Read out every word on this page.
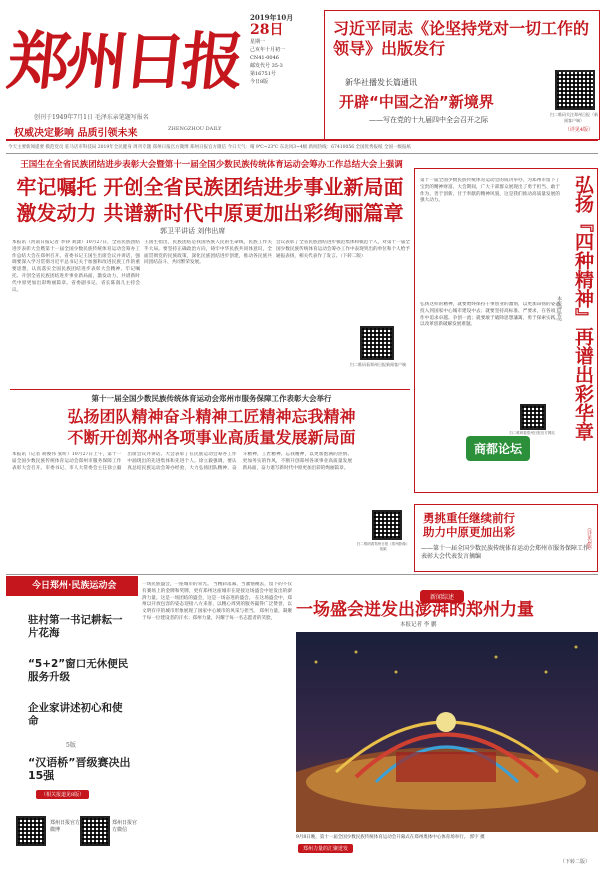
郑州日报
创刊于1949年7月1日 毛泽东亲笔题写报名
权威决定影响 品质引领未来	ZHENGZHOU DAILY
2019年10月
28日
星期一
己亥年十月初一
CN41-0046
邮发代号 35-3
第16751号
今日8版
习近平同志《论坚持党对一切工作的领导》出版发行
新华社播发长篇通讯
开辟“中国之治”新境界
——写在党的十九届四中全会召开之际
（详见4版）
扫二维码关注郑州日报（新闻客户端）
今天主要新闻提要 模范党员 驻马店市科技局 2019年全民健身 周刊专题 郑州日报官方微博 郑州日报官方微信 今日天气：晴 9℃~23℃ 东北风3~4级 新闻热线：67410056 全国优秀报纸 全国一级报纸
王国生在全省民族团结进步表彰大会暨第十一届全国少数民族传统体育运动会筹办工作总结大会上强调
牢记嘱托 开创全省民族团结进步事业新局面
激发动力 共谱新时代中原更加出彩绚丽篇章
郭卫平讲话 刘伟出席
本报讯（河南日报记者 李铮 刘潇）10月27日，全省民族团结进步表彰大会暨第十一届全国少数民族传统体育运动会筹办工作总结大会在郑州召开。省委书记王国生出席会议并讲话，强调要深入学习贯彻习近平总书记关于加强和改进民族工作的重要思想，认真落实全国民族团结进步表彰大会精神，牢记嘱托、开创全省民族团结进步事业新局面，激发动力、共谱新时代中原更加出彩绚丽篇章。省委副书记、省长陈润儿主持会议。
王国生指出，民族团结是我国各族人民的生命线，民族工作关乎大局。要坚持正确政治方向，铸牢中华民族共同体意识，全面贯彻党的民族政策，深化民族团结进步创建，推动各民族共同团结奋斗、共同繁荣发展。
会议表彰了全省民族团结进步模范集体和模范个人，对第十一届全国少数民族传统体育运动会筹办工作中表现突出的单位和个人给予通报表扬，相关代表作了发言。（下转二版）
扫二维码看郑州日报新闻客户端	弘扬『四种精神』再谱出彩华章
本报评论员
第十一届全国少数民族传统体育运动会的成功举办，为郑州市留下了宝贵的精神财富。大会期间，广大干部群众展现出了勇于担当、敢于作为、善于创新、甘于奉献的精神风貌，这是我们推动高质量发展的强大动力。
弘扬这样的精神，就要始终保持干事创业的激情，以更加昂扬的姿态投入到国家中心城市建设中去；就要坚持高标准、严要求，在各项工作中追求卓越、争创一流；就要敢于破除思想藩篱，勇于探索实践，以改革创新破解发展难题。
扫二维码看郑州日报官方网站
商都论坛
第十一届全国少数民族传统体育运动会郑州市服务保障工作表彰大会举行
弘扬团队精神奋斗精神工匠精神忘我精神
不断开创郑州各项事业高质量发展新局面
本报讯（记者 胡俊伟 张昕）10月27日上午，第十一届全国少数民族传统体育运动会郑州市服务保障工作表彰大会召开。市委书记、市人大常委会主任徐立毅出席会议并讲话。大会表彰了在民族运动会筹办工作中涌现出的先进集体和先进个人。徐立毅强调，要认真总结民族运动会筹办经验，大力弘扬团队精神、奋斗精神、工匠精神、忘我精神，以更加饱满的热情、更加务实的作风，不断开创郑州各项事业高质量发展新局面，奋力谱写新时代中原更加出彩的绚丽篇章。
扫二维码看郑州日报《郑州影像》视频
勇挑重任继续前行
助力中原更加出彩	（详见3版）
——第十一届全国少数民族传统体育运动会郑州市服务保障工作表彰大会代表发言摘编
今日郑州·民族运动会
驻村第一书记耕耘一片花海
“5+2”窗口无休便民服务升级
企业家讲述初心和使命
5版
“汉语桥”晋级赛决出15强
（相关报道见8版）
郑州日报官方微博
郑州日报官方微信
新闻综述
一场盛会迸发出澎湃的郑州力量
本报记者 李 鹏
一场民族盛会，一座城市的荣光。 当精彩落幕，当激情褪去，留下的不仅有赛场上的金牌和奖牌，更有郑州这座城市在迎接这场盛会中迸发出的澎湃力量。这是一场团结的盛会，这是一场奋进的盛会。 在这场盛会中，郑州以开放包容的姿态迎接八方来客，以精心周到的服务赢得广泛赞誉，以文明有序的城市形象展现了国家中心城市的风采与担当。 郑州力量，凝聚于每一位建设者的汗水；郑州力量，闪耀于每一名志愿者的笑脸。
9月8日晚，第十一届全国少数民族传统体育运动会开幕式在郑州奥体中心体育场举行。 郭宇 摄
郑州力量的汇聚迸发
（下转二版）
